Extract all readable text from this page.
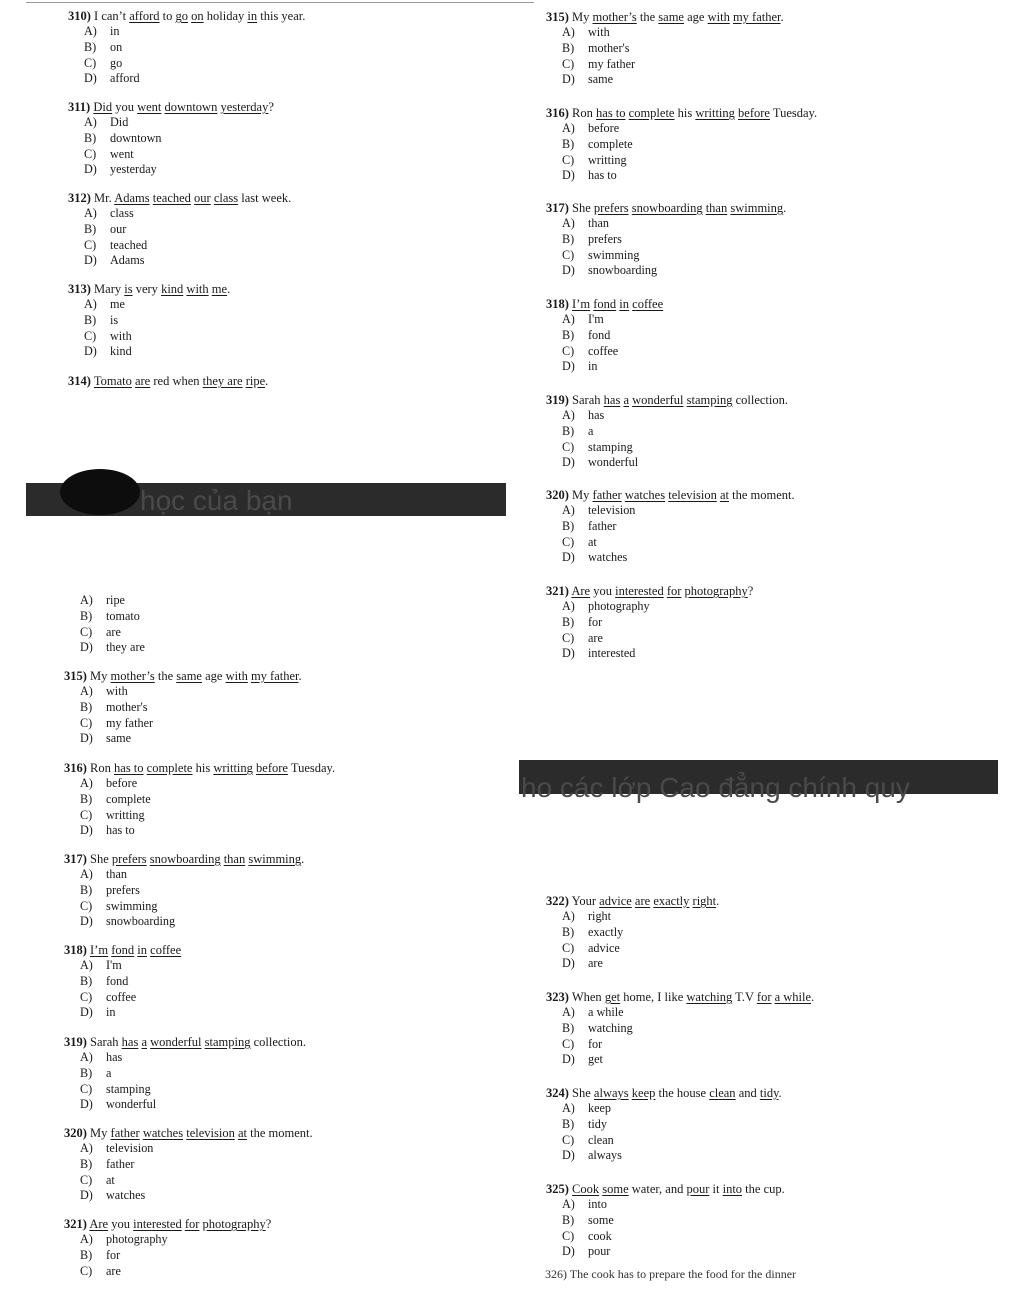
310) I can’t afford to go on holiday in this year.
A) in
B) on
C) go
D) afford
311) Did you went downtown yesterday?
A) Did
B) downtown
C) went
D) yesterday
312) Mr. Adams teached our class last week.
A) class
B) our
C) teached
D) Adams
313) Mary is very kind with me.
A) me
B) is
C) with
D) kind
314) Tomato are red when they are ripe.
học của bạn
A) ripe
B) tomato
C) are
D) they are
315) My mother’s the same age with my father.
A) with
B) mother's
C) my father
D) same
316) Ron has to complete his writting before Tuesday.
A) before
B) complete
C) writting
D) has to
317) She prefers snowboarding than swimming.
A) than
B) prefers
C) swimming
D) snowboarding
318) I’m fond in coffee
A) I'm
B) fond
C) coffee
D) in
319) Sarah has a wonderful stamping collection.
A) has
B) a
C) stamping
D) wonderful
320) My father watches television at the moment.
A) television
B) father
C) at
D) watches
321) Are you interested for photography?
A) photography
B) for
C) are
315) My mother’s the same age with my father.
A) with
B) mother's
C) my father
D) same
316) Ron has to complete his writting before Tuesday.
A) before
B) complete
C) writting
D) has to
317) She prefers snowboarding than swimming.
A) than
B) prefers
C) swimming
D) snowboarding
318) I’m fond in coffee
A) I'm
B) fond
C) coffee
D) in
319) Sarah has a wonderful stamping collection.
A) has
B) a
C) stamping
D) wonderful
320) My father watches television at the moment.
A) television
B) father
C) at
D) watches
321) Are you interested for photography?
A) photography
B) for
C) are
D) interested
ho các lớp Cao đẳng chính quy
322) Your advice are exactly right.
A) right
B) exactly
C) advice
D) are
323) When get home, I like watching T.V for a while.
A) a while
B) watching
C) for
D) get
324) She always keep the house clean and tidy.
A) keep
B) tidy
C) clean
D) always
325) Cook some water, and pour it into the cup.
A) into
B) some
C) cook
D) pour
$^{326) The cook has to prepare the food for the dinner}$
